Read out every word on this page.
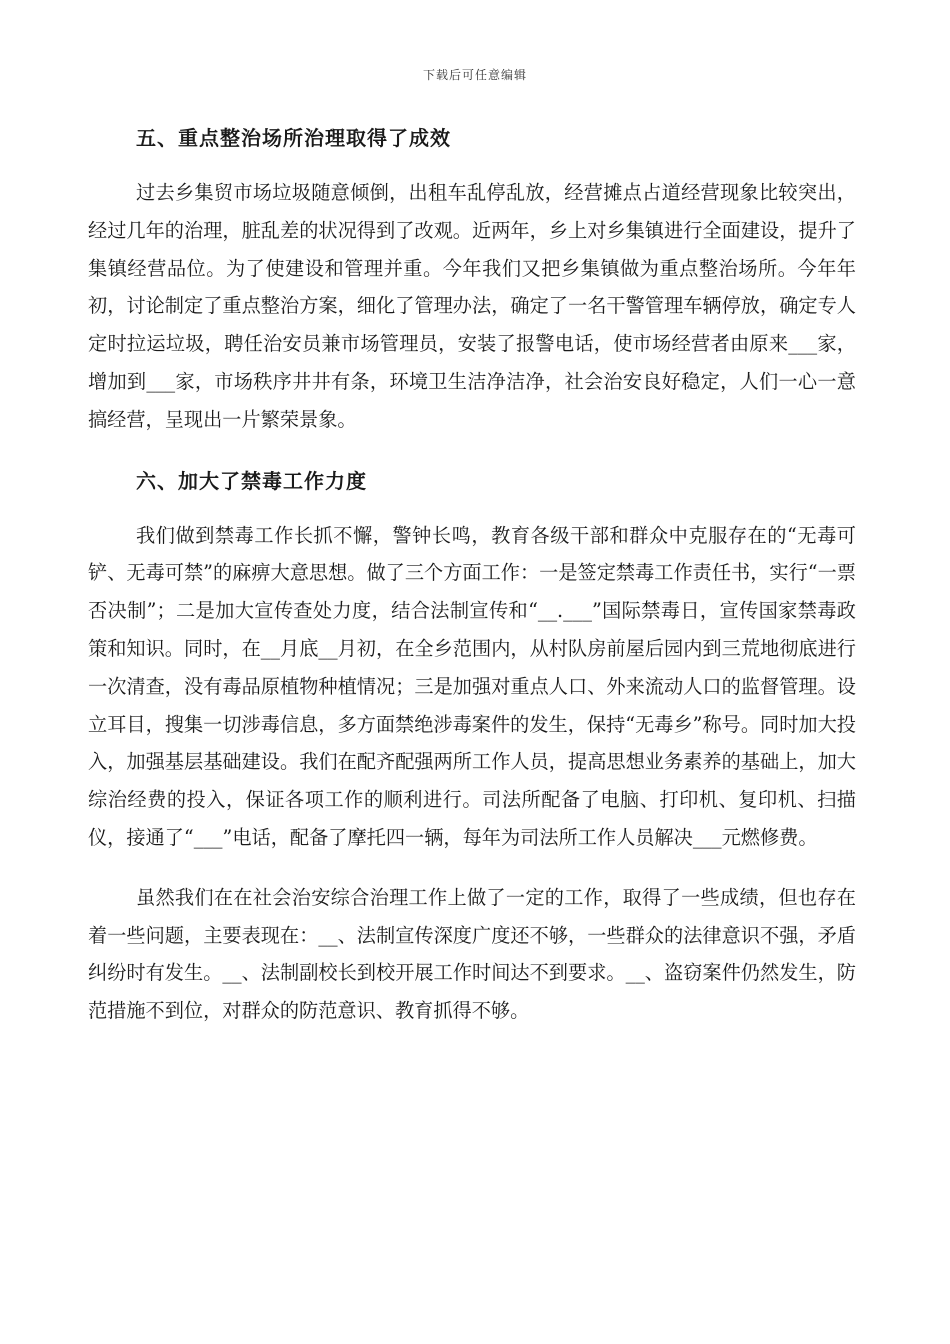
下载后可任意编辑
五、重点整治场所治理取得了成效

过去乡集贸市场垃圾随意倾倒，出租车乱停乱放，经营摊点占道经营现象比较突出，经过几年的治理，脏乱差的状况得到了改观。近两年，乡上对乡集镇进行全面建设，提升了集镇经营品位。为了使建设和管理并重。今年我们又把乡集镇做为重点整治场所。今年年初，讨论制定了重点整治方案，细化了管理办法，确定了一名干警管理车辆停放，确定专人定时拉运垃圾，聘任治安员兼市场管理员，安装了报警电话，使市场经营者由原来___家，增加到___家，市场秩序井井有条，环境卫生洁净洁净，社会治安良好稳定，人们一心一意搞经营，呈现出一片繁荣景象。

六、加大了禁毒工作力度

我们做到禁毒工作长抓不懈，警钟长鸣，教育各级干部和群众中克服存在的“无毒可铲、无毒可禁”的麻痹大意思想。做了三个方面工作：一是签定禁毒工作责任书，实行“一票否决制”；二是加大宣传查处力度，结合法制宣传和“__.___”国际禁毒日，宣传国家禁毒政策和知识。同时，在__月底__月初，在全乡范围内，从村队房前屋后园内到三荒地彻底进行一次清查，没有毒品原植物种植情况；三是加强对重点人口、外来流动人口的监督管理。设立耳目，搜集一切涉毒信息，多方面禁绝涉毒案件的发生，保持“无毒乡”称号。同时加大投入，加强基层基础建设。我们在配齐配强两所工作人员，提高思想业务素养的基础上，加大综治经费的投入，保证各项工作的顺利进行。司法所配备了电脑、打印机、复印机、扫描仪，接通了“___”电话，配备了摩托四一辆，每年为司法所工作人员解决___元燃修费。

虽然我们在在社会治安综合治理工作上做了一定的工作，取得了一些成绩，但也存在着一些问题，主要表现在：__、法制宣传深度广度还不够，一些群众的法律意识不强，矛盾纠纷时有发生。__、法制副校长到校开展工作时间达不到要求。__、盗窃案件仍然发生，防范措施不到位，对群众的防范意识、教育抓得不够。
